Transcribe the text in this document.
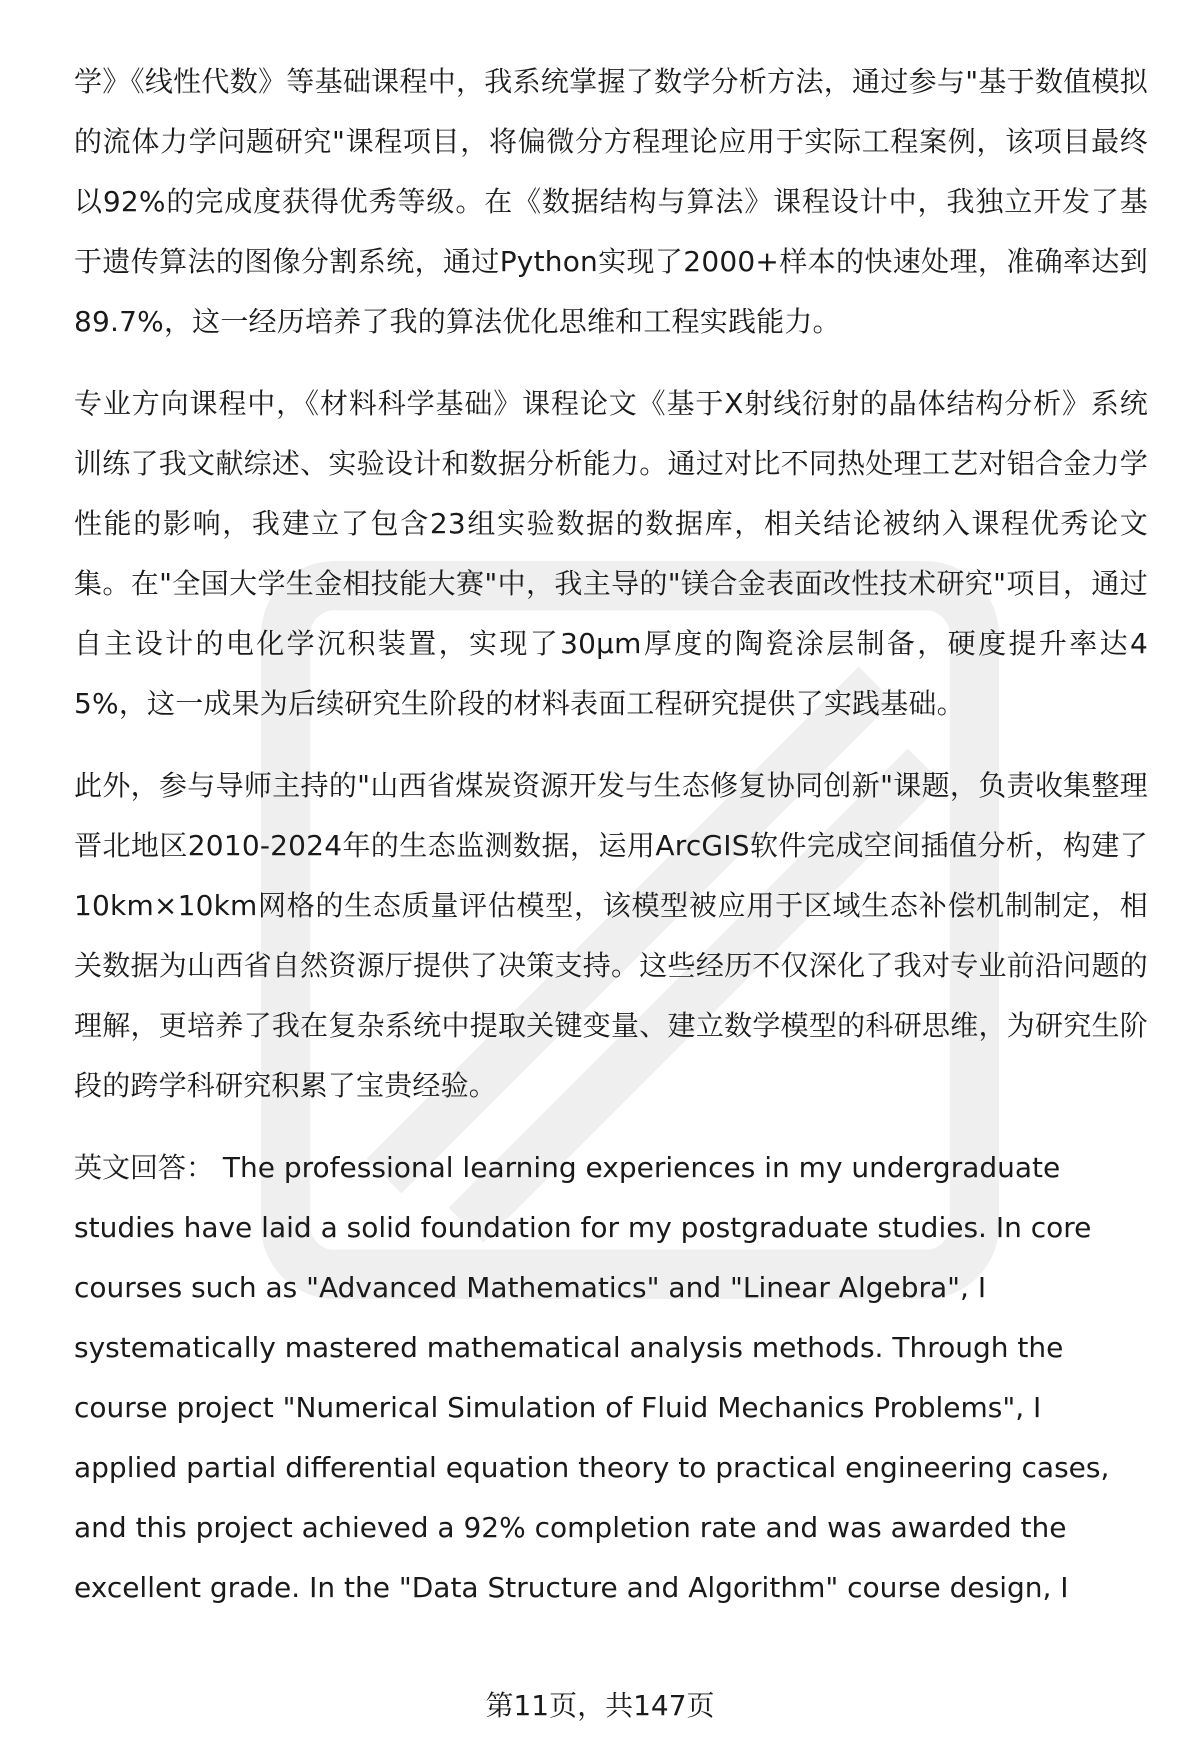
学》《线性代数》等基础课程中，我系统掌握了数学分析方法，通过参与"基于数值模拟的流体力学问题研究"课程项目，将偏微分方程理论应用于实际工程案例，该项目最终以92%的完成度获得优秀等级。在《数据结构与算法》课程设计中，我独立开发了基于遗传算法的图像分割系统，通过Python实现了2000+样本的快速处理，准确率达到89.7%，这一经历培养了我的算法优化思维和工程实践能力。

专业方向课程中，《材料科学基础》课程论文《基于X射线衍射的晶体结构分析》系统训练了我文献综述、实验设计和数据分析能力。通过对比不同热处理工艺对铝合金力学性能的影响，我建立了包含23组实验数据的数据库，相关结论被纳入课程优秀论文集。在"全国大学生金相技能大赛"中，我主导的"镁合金表面改性技术研究"项目，通过自主设计的电化学沉积装置，实现了30μm厚度的陶瓷涂层制备，硬度提升率达45%，这一成果为后续研究生阶段的材料表面工程研究提供了实践基础。

此外，参与导师主持的"山西省煤炭资源开发与生态修复协同创新"课题，负责收集整理晋北地区2010-2024年的生态监测数据，运用ArcGIS软件完成空间插值分析，构建了10km×10km网格的生态质量评估模型，该模型被应用于区域生态补偿机制制定，相关数据为山西省自然资源厅提供了决策支持。这些经历不仅深化了我对专业前沿问题的理解，更培养了我在复杂系统中提取关键变量、建立数学模型的科研思维，为研究生阶段的跨学科研究积累了宝贵经验。

英文回答： The professional learning experiences in my undergraduate studies have laid a solid foundation for my postgraduate studies. In core courses such as "Advanced Mathematics" and "Linear Algebra", I systematically mastered mathematical analysis methods. Through the course project "Numerical Simulation of Fluid Mechanics Problems", I applied partial differential equation theory to practical engineering cases, and this project achieved a 92% completion rate and was awarded the excellent grade. In the "Data Structure and Algorithm" course design, I

第11页，共147页
